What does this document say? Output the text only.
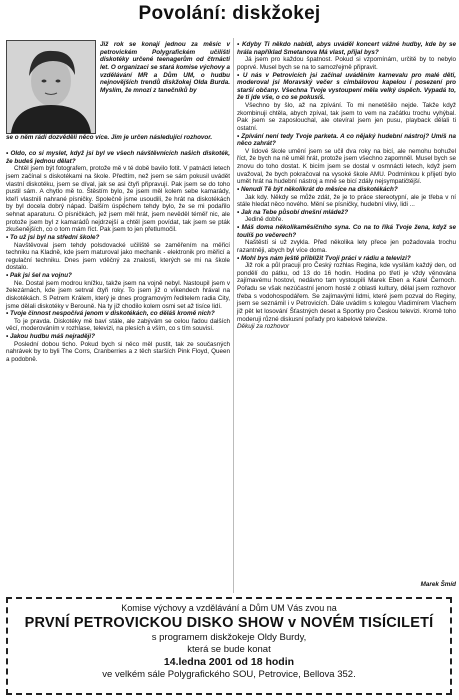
Povolání: diskžokej

Již rok se konají jednou za měsíc v petrovickém Polygrafickém učilišti diskotéky určené teenagerům od čtrnácti let. O organizaci se stará komise výchovy a vzdělávání MR a Dům UM, o hudbu nejnovějších trendů diskžokej Olda Burda. Myslím, že mnozí z tanečníků by

se o něm rádi dozvěděli něco více. Jim je určen následující rozhovor.

• Oldo, co si myslet, když jsi byl ve všech návštěvnících našich diskoték, že budeš jednou dělat?

Chtěl jsem být fotografem, protože mě v té době bavilo fotit. V patnácti letech jsem začínal s diskotékami na škole. Předtím, než jsem se sám pokusil uvádět vlastní diskotéku, jsem se díval, jak se asi čtyři připravují. Pak jsem se do toho pustil sám. A chytlo mě to. Štěstím bylo, že jsem měl kolem sebe kamarády, kteří vlastnili nahrané písničky. Společně jsme usoudili, že hrát na diskotékách by byl docela dobrý nápad. Dalším úspěchem tehdy bylo, že se mi podařilo sehnat aparaturu. O písničkách, jež jsem měl hrát, jsem nevěděl téměř nic, ale protože jsem byl z kamarádů nejdrzejší a chtěl jsem povídat, tak jsem se pták zkušenějších, co o tom mám říct. Pak jsem to jen přetlumočil.

• To už jsi byl na střední škole?

Navštěvoval jsem tehdy polsdovacké učiliště se zaměřením na měřicí techniku na Kladně, kde jsem maturoval jako mechanik - elektronik pro měřicí a regulační techniku. Dnes jsem vděčný za znalosti, kterých se mi na škole dostalo.

• Pak jsi šel na vojnu?

Ne. Dostal jsem modrou knížku, takže jsem na vojně nebyl. Nastoupil jsem v železárnách, kde jsem setrval čtyři roky. To jsem již o víkendech hrával na diskotékách. S Petrem Králem, který je dnes programovým ředitelem radia City, jsme dělali diskotéky v Berouně. Na ty již chodilo kolem osmi set až tisíce lidí.

• Tvoje činnost nespočívá jenom v diskotékách, co děláš kromě nich?

To je pravda. Diskotéky mě baví stále, ale zabývám se celou řadou dalších věcí, moderováním v rozhlase, televizi, na plesích a vším, co s tím souvisí.

• Jakou hudbu máš nejraději?

Poslední dobou ticho. Pokud bych si něco měl pustit, tak ze současných nahrávek by to byli The Corrs, Cranberries a z těch starších Pink Floyd, Queen a podobně.

• Kdyby Ti někdo nabídl, abys uváděl koncert vážné hudby, kde by se hrála například Smetanova Má vlast, přijal bys?

Já jsem pro každou špatnost. Pokud si vzpomínám, určitě by to nebylo poprvé. Musel bych se na to samozřejmě připravit.

• U nás v Petrovicích jsi začínal uváděním karnevalu pro malé děti, moderoval jsi Moravský večer s cimbálovou kapelou i posezení pro starší občany. Všechna Tvoje vystoupení měla velký úspěch. Vypadá to, že ti jde vše, o co se pokusíš.

Všechno by šlo, až na zpívání. To mi nenetěšilo nejde. Takže když zkombinuji chtěla, abych zpíval, tak jsem to vem na začátku trochu vyhýbal. Pak jsem se zaposlouchal, ale otevíral jsem jen pusu, playback dělali ti ostatní.

• Zpívání není tedy Tvoje parketa. A co nějaký hudební nástroj? Umíš na něco zahrát?

V lidové škole umění jsem se učil dva roky na bicí, ale nemohu bohužel říct, že bych na ně uměl hrát, protože jsem všechno zapomněl. Musel bych se znovu do toho dostat. K bicím jsem se dostal v osmnácti letech, když jsem uvažoval, že bych pokračoval na vysoké škole AMU. Podmínkou k přijetí bylo umět hrát na hudební nástroj a mně se bicí zdály nejsympatičtější.

• Nenudí Tě být několikrát do měsíce na diskotékách?

Jak kdy. Někdy se může zdát, že je to práce stereotypní, ale je třeba v ní stále hledat něco nového. Mění se písničky, hudební vlivy, lidi ...

• Jak na Tebe působí dnešní mládež?

Jedině dobře.

• Máš doma několikaměsíčního syna. Co na to říká Tvoje žena, když se toulíš po večerech?

Naštěstí si už zvykla. Před několika lety přece jen požadovala trochu razantněji, abych byl více doma.

• Mohl bys nám ještě přiblížit Tvoji práci v rádiu a televizi?

Již rok a půl pracuji pro Český rozhlas Regina, kde vysílám každý den, od pondělí do pátku, od 13 do 16 hodin. Hodina po třetí je vždy věnována zajímavému hostovi, nedávno tam vystoupili Marek Eben a Karel Černoch. Pořadu se však nezúčastní jenom hosté z oblasti kultury, dělal jsem rozhovor třeba s vodohospodářem. Se zajímavými lidmi, které jsem pozval do Reginy, jsem se seznámil i v Petrovicích. Dále uvádím s kolegou Vladimírem Vlachem již pět let losování Šťastných deset a Sportky pro Českou televizi. Kromě toho moderuji různé diskusní pořady pro kabelové televize.

Děkuji za rozhovor

Marek Šmíd
Komise výchovy a vzdělávání a Dům UM Vás zvou na
PRVNÍ PETROVICKOU DISKO SHOW v NOVÉM TISÍCILETÍ
s programem diskžokeje Oldy Burdy,
která se bude konat
14.ledna 2001 od 18 hodin
ve velkém sále Polygrafického SOU, Petrovice, Bellova 352.
